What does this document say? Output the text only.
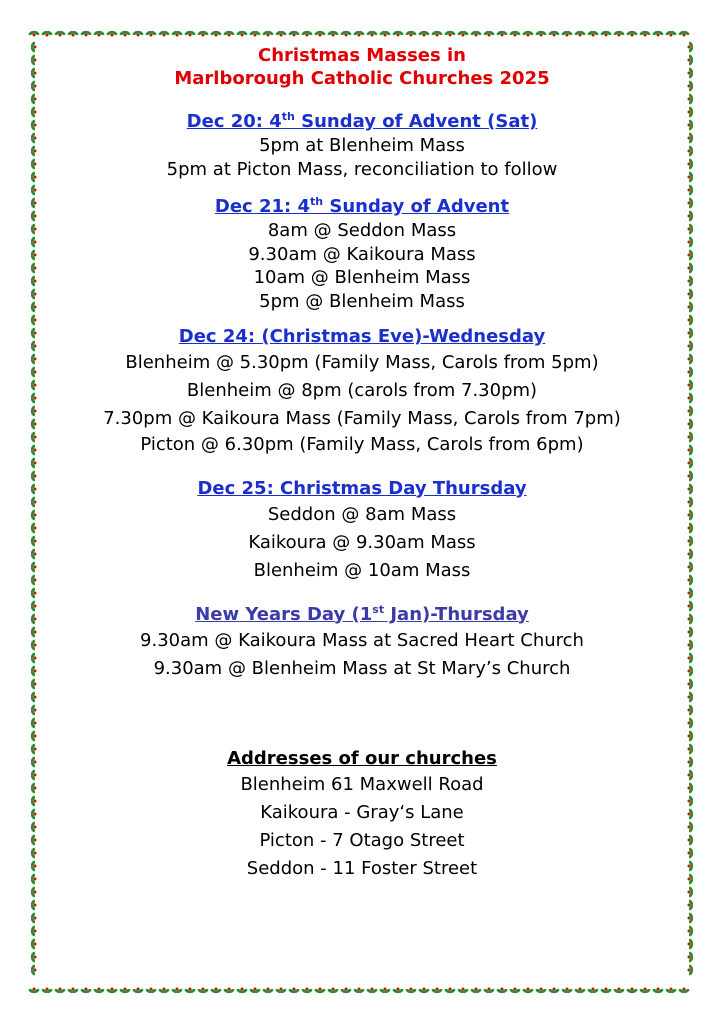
Christmas Masses in
Marlborough Catholic Churches 2025
Dec 20: 4th Sunday of Advent (Sat)
5pm at Blenheim Mass
5pm at Picton Mass, reconciliation to follow
Dec 21: 4th Sunday of Advent
8am @ Seddon Mass
9.30am @ Kaikoura Mass
10am @ Blenheim Mass
5pm @ Blenheim Mass
Dec 24: (Christmas Eve)-Wednesday
Blenheim @ 5.30pm (Family Mass, Carols from 5pm)
Blenheim @ 8pm (carols from 7.30pm)
7.30pm @ Kaikoura Mass (Family Mass, Carols from 7pm)
Picton @ 6.30pm (Family Mass, Carols from 6pm)
Dec 25: Christmas Day Thursday
Seddon @ 8am Mass
Kaikoura @ 9.30am Mass
Blenheim @ 10am Mass
New Years Day (1st Jan)-Thursday
9.30am @ Kaikoura Mass at Sacred Heart Church
9.30am @ Blenheim Mass at St Mary’s Church
Addresses of our churches
Blenheim 61 Maxwell Road
Kaikoura - Gray‘s Lane
Picton - 7 Otago Street
Seddon - 11 Foster Street
